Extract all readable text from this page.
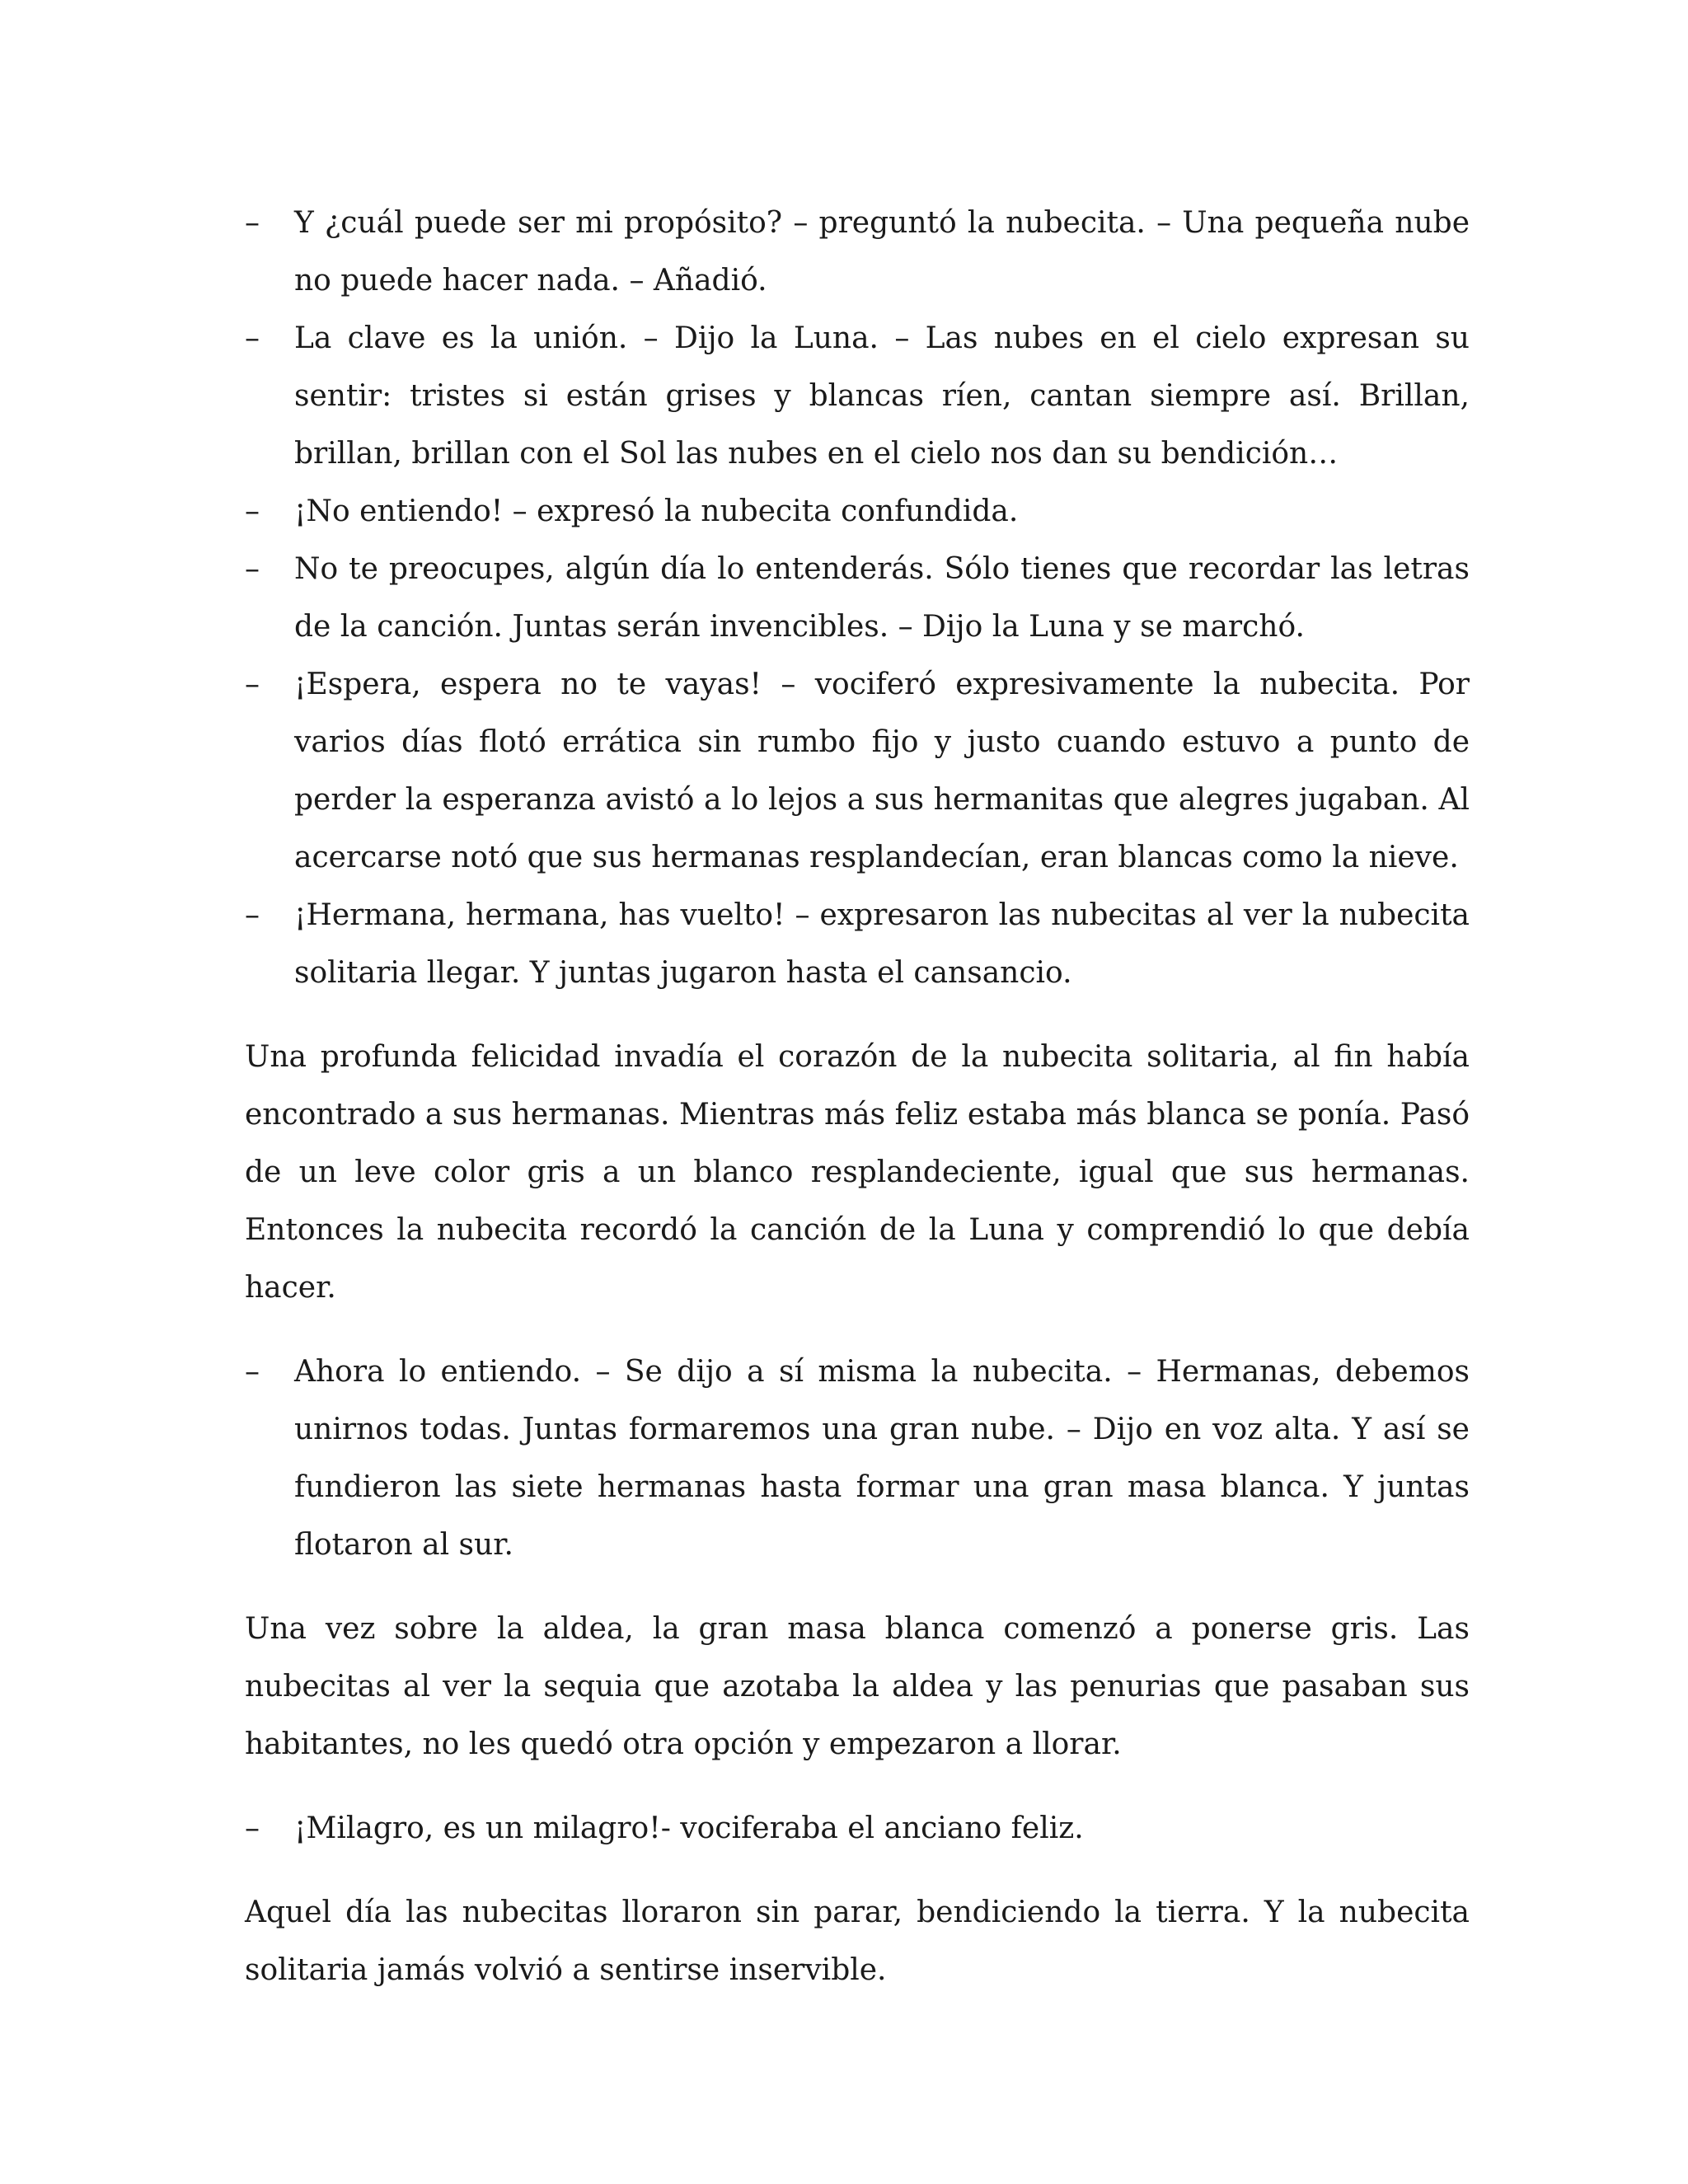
–	Y ¿cuál puede ser mi propósito? – preguntó la nubecita. – Una pequeña nube no puede hacer nada. – Añadió.
–	La clave es la unión. – Dijo la Luna. – Las nubes en el cielo expresan su sentir: tristes si están grises y blancas ríen, cantan siempre así. Brillan, brillan, brillan con el Sol las nubes en el cielo nos dan su bendición…
–	¡No entiendo! – expresó la nubecita confundida.
–	No te preocupes, algún día lo entenderás. Sólo tienes que recordar las letras de la canción. Juntas serán invencibles. – Dijo la Luna y se marchó.
–	¡Espera, espera no te vayas! – vociferó expresivamente la nubecita. Por varios días flotó errática sin rumbo fijo y justo cuando estuvo a punto de perder la esperanza avistó a lo lejos a sus hermanitas que alegres jugaban. Al acercarse notó que sus hermanas resplandecían, eran blancas como la nieve.
–	¡Hermana, hermana, has vuelto! – expresaron las nubecitas al ver la nubecita solitaria llegar. Y juntas jugaron hasta el cansancio.

Una profunda felicidad invadía el corazón de la nubecita solitaria, al fin había encontrado a sus hermanas. Mientras más feliz estaba más blanca se ponía. Pasó de un leve color gris a un blanco resplandeciente, igual que sus hermanas. Entonces la nubecita recordó la canción de la Luna y comprendió lo que debía hacer.

–	Ahora lo entiendo. – Se dijo a sí misma la nubecita. – Hermanas, debemos unirnos todas. Juntas formaremos una gran nube. – Dijo en voz alta. Y así se fundieron las siete hermanas hasta formar una gran masa blanca. Y juntas flotaron al sur.

Una vez sobre la aldea, la gran masa blanca comenzó a ponerse gris. Las nubecitas al ver la sequia que azotaba la aldea y las penurias que pasaban sus habitantes, no les quedó otra opción y empezaron a llorar.

–	¡Milagro, es un milagro!- vociferaba el anciano feliz.

Aquel día las nubecitas lloraron sin parar, bendiciendo la tierra. Y la nubecita solitaria jamás volvió a sentirse inservible.
